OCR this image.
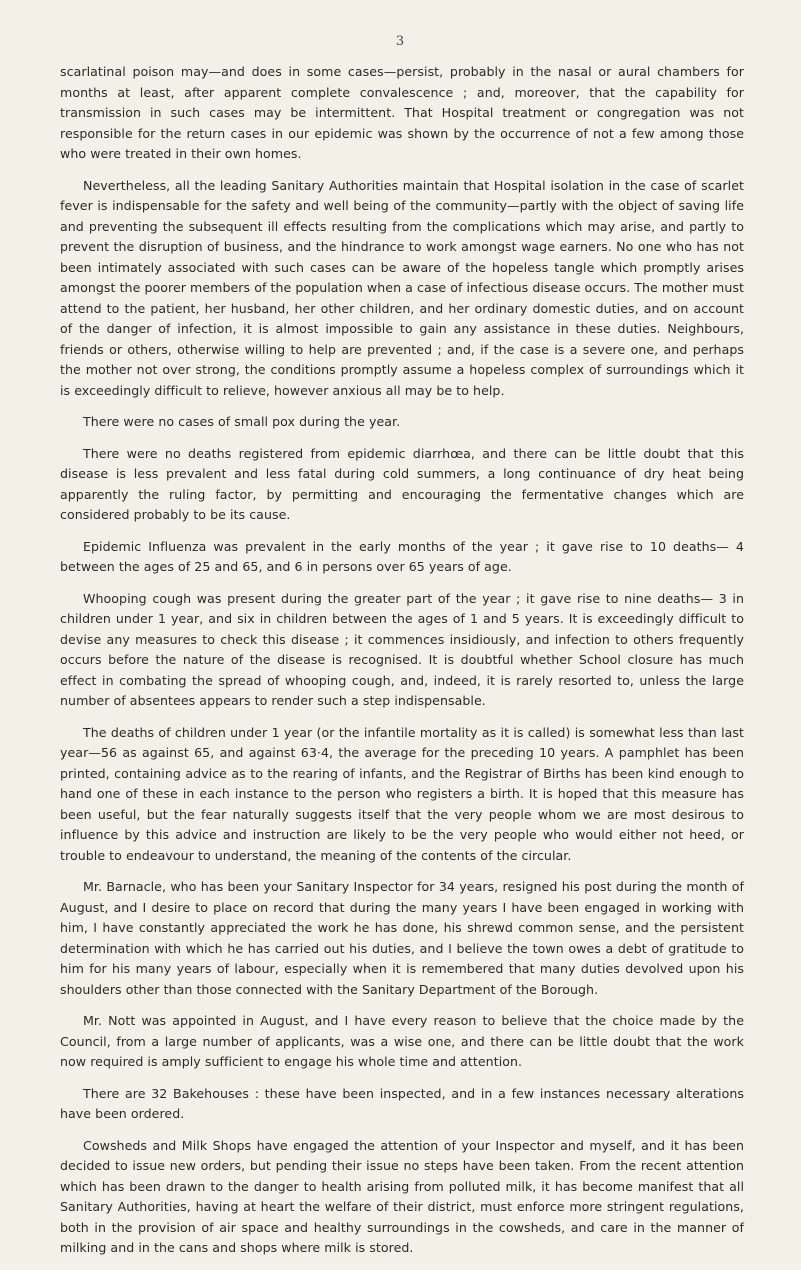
3

scarlatinal poison may—and does in some cases—persist, probably in the nasal or aural chambers for months at least, after apparent complete convalescence ; and, moreover, that the capability for transmission in such cases may be intermittent. That Hospital treatment or congregation was not responsible for the return cases in our epidemic was shown by the occurrence of not a few among those who were treated in their own homes.

Nevertheless, all the leading Sanitary Authorities maintain that Hospital isolation in the case of scarlet fever is indispensable for the safety and well being of the community—partly with the object of saving life and preventing the subsequent ill effects resulting from the complications which may arise, and partly to prevent the disruption of business, and the hindrance to work amongst wage earners. No one who has not been intimately associated with such cases can be aware of the hopeless tangle which promptly arises amongst the poorer members of the population when a case of infectious disease occurs. The mother must attend to the patient, her husband, her other children, and her ordinary domestic duties, and on account of the danger of infection, it is almost impossible to gain any assistance in these duties. Neighbours, friends or others, otherwise willing to help are prevented ; and, if the case is a severe one, and perhaps the mother not over strong, the conditions promptly assume a hopeless complex of surroundings which it is exceedingly difficult to relieve, however anxious all may be to help.

There were no cases of small pox during the year.

There were no deaths registered from epidemic diarrhœa, and there can be little doubt that this disease is less prevalent and less fatal during cold summers, a long continuance of dry heat being apparently the ruling factor, by permitting and encouraging the fermentative changes which are considered probably to be its cause.

Epidemic Influenza was prevalent in the early months of the year ; it gave rise to 10 deaths— 4 between the ages of 25 and 65, and 6 in persons over 65 years of age.

Whooping cough was present during the greater part of the year ; it gave rise to nine deaths— 3 in children under 1 year, and six in children between the ages of 1 and 5 years. It is exceedingly difficult to devise any measures to check this disease ; it commences insidiously, and infection to others frequently occurs before the nature of the disease is recognised. It is doubtful whether School closure has much effect in combating the spread of whooping cough, and, indeed, it is rarely resorted to, unless the large number of absentees appears to render such a step indispensable.

The deaths of children under 1 year (or the infantile mortality as it is called) is somewhat less than last year—56 as against 65, and against 63·4, the average for the preceding 10 years. A pamphlet has been printed, containing advice as to the rearing of infants, and the Registrar of Births has been kind enough to hand one of these in each instance to the person who registers a birth. It is hoped that this measure has been useful, but the fear naturally suggests itself that the very people whom we are most desirous to influence by this advice and instruction are likely to be the very people who would either not heed, or trouble to endeavour to understand, the meaning of the contents of the circular.

Mr. Barnacle, who has been your Sanitary Inspector for 34 years, resigned his post during the month of August, and I desire to place on record that during the many years I have been engaged in working with him, I have constantly appreciated the work he has done, his shrewd common sense, and the persistent determination with which he has carried out his duties, and I believe the town owes a debt of gratitude to him for his many years of labour, especially when it is remembered that many duties devolved upon his shoulders other than those connected with the Sanitary Department of the Borough.

Mr. Nott was appointed in August, and I have every reason to believe that the choice made by the Council, from a large number of applicants, was a wise one, and there can be little doubt that the work now required is amply sufficient to engage his whole time and attention.

There are 32 Bakehouses : these have been inspected, and in a few instances necessary alterations have been ordered.

Cowsheds and Milk Shops have engaged the attention of your Inspector and myself, and it has been decided to issue new orders, but pending their issue no steps have been taken. From the recent attention which has been drawn to the danger to health arising from polluted milk, it has become manifest that all Sanitary Authorities, having at heart the welfare of their district, must enforce more stringent regulations, both in the provision of air space and healthy surroundings in the cowsheds, and care in the manner of milking and in the cans and shops where milk is stored.
